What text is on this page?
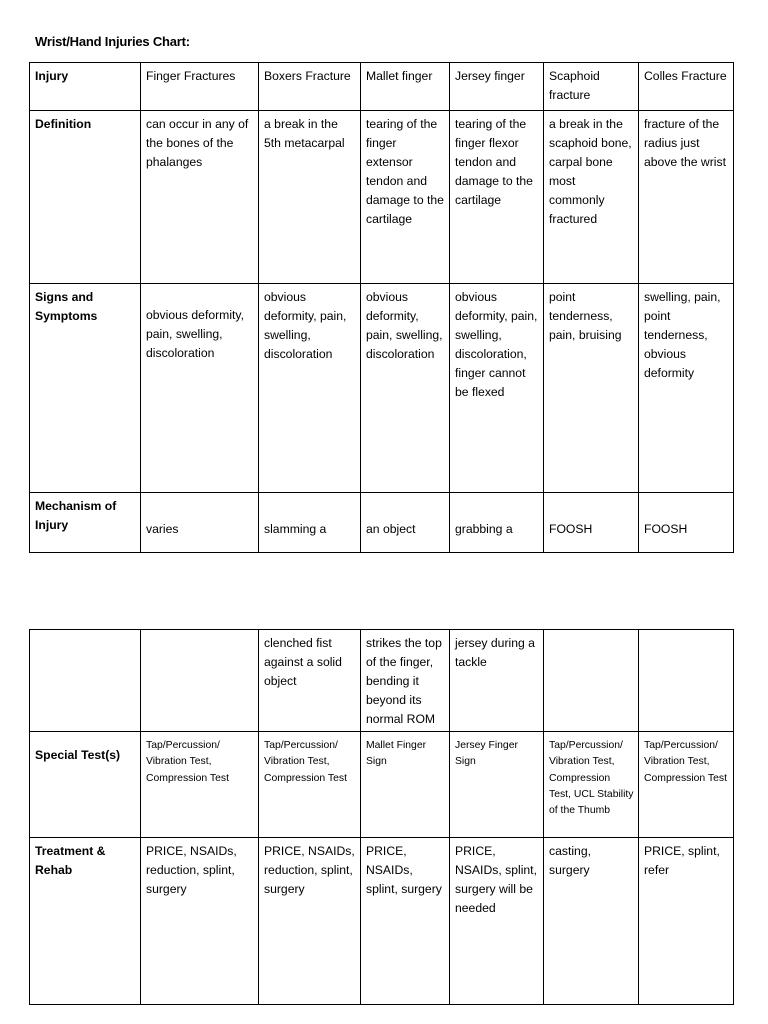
Wrist/Hand Injuries Chart:
Injury	Finger Fractures	Boxers Fracture	Mallet finger	Jersey finger	Scaphoid fracture	Colles Fracture
Definition	can occur in any of the bones of the phalanges	a break in the 5th metacarpal	tearing of the finger extensor tendon and damage to the cartilage	tearing of the finger flexor tendon and damage to the cartilage	a break in the scaphoid bone, carpal bone most commonly fractured	fracture of the radius just above the wrist
Signs and Symptoms	obvious deformity, pain, swelling, discoloration	obvious deformity, pain, swelling, discoloration	obvious deformity, pain, swelling, discoloration	obvious deformity, pain, swelling, discoloration, finger cannot be flexed	point tenderness, pain, bruising	swelling, pain, point tenderness, obvious deformity
Mechanism of Injury	varies	slamming a	an object	grabbing a	FOOSH	FOOSH
		clenched fist against a solid object	strikes the top of the finger, bending it beyond its normal ROM	jersey during a tackle		
Special Test(s)	Tap/Percussion/ Vibration Test, Compression Test	Tap/Percussion/ Vibration Test, Compression Test	Mallet Finger Sign	Jersey Finger Sign	Tap/Percussion/ Vibration Test, Compression Test, UCL Stability of the Thumb	Tap/Percussion/ Vibration Test, Compression Test
Treatment & Rehab	PRICE, NSAIDs, reduction, splint, surgery	PRICE, NSAIDs, reduction, splint, surgery	PRICE, NSAIDs, splint, surgery	PRICE, NSAIDs, splint, surgery will be needed	casting, surgery	PRICE, splint, refer
